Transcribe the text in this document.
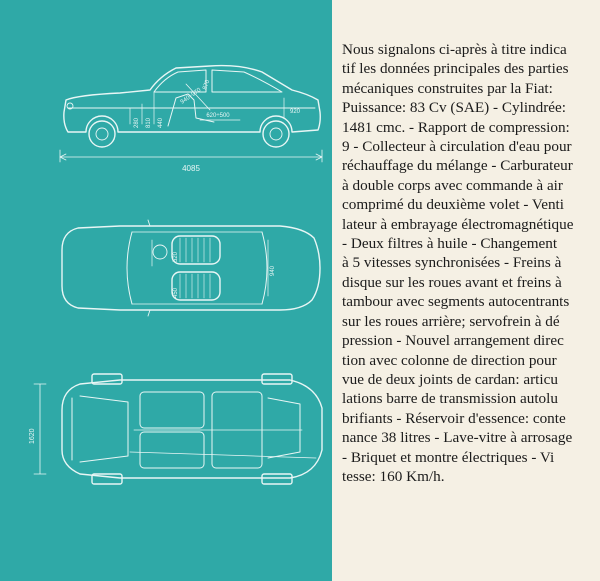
4085
870
940÷970
620÷500
920
280 810 440
520
450
940
1620
Nous signalons ci-après à titre indica
tif les données principales des parties
mécaniques construites par la Fiat:
Puissance: 83 Cv (SAE) - Cylindrée:
1481 cmc. - Rapport de compression:
9 - Collecteur à circulation d'eau pour
réchauffage du mélange - Carburateur
à double corps avec commande à air
comprimé du deuxième volet - Venti
lateur à embrayage électromagnétique
- Deux filtres à huile - Changement
à 5 vitesses synchronisées - Freins à
disque sur les roues avant et freins à
tambour avec segments autocentrants
sur les roues arrière; servofrein à dé
pression - Nouvel arrangement direc
tion avec colonne de direction pour
vue de deux joints de cardan: articu
lations barre de transmission autolu
brifiants - Réservoir d'essence: conte
nance 38 litres - Lave-vitre à arrosage
- Briquet et montre électriques - Vi
tesse: 160 Km/h.
